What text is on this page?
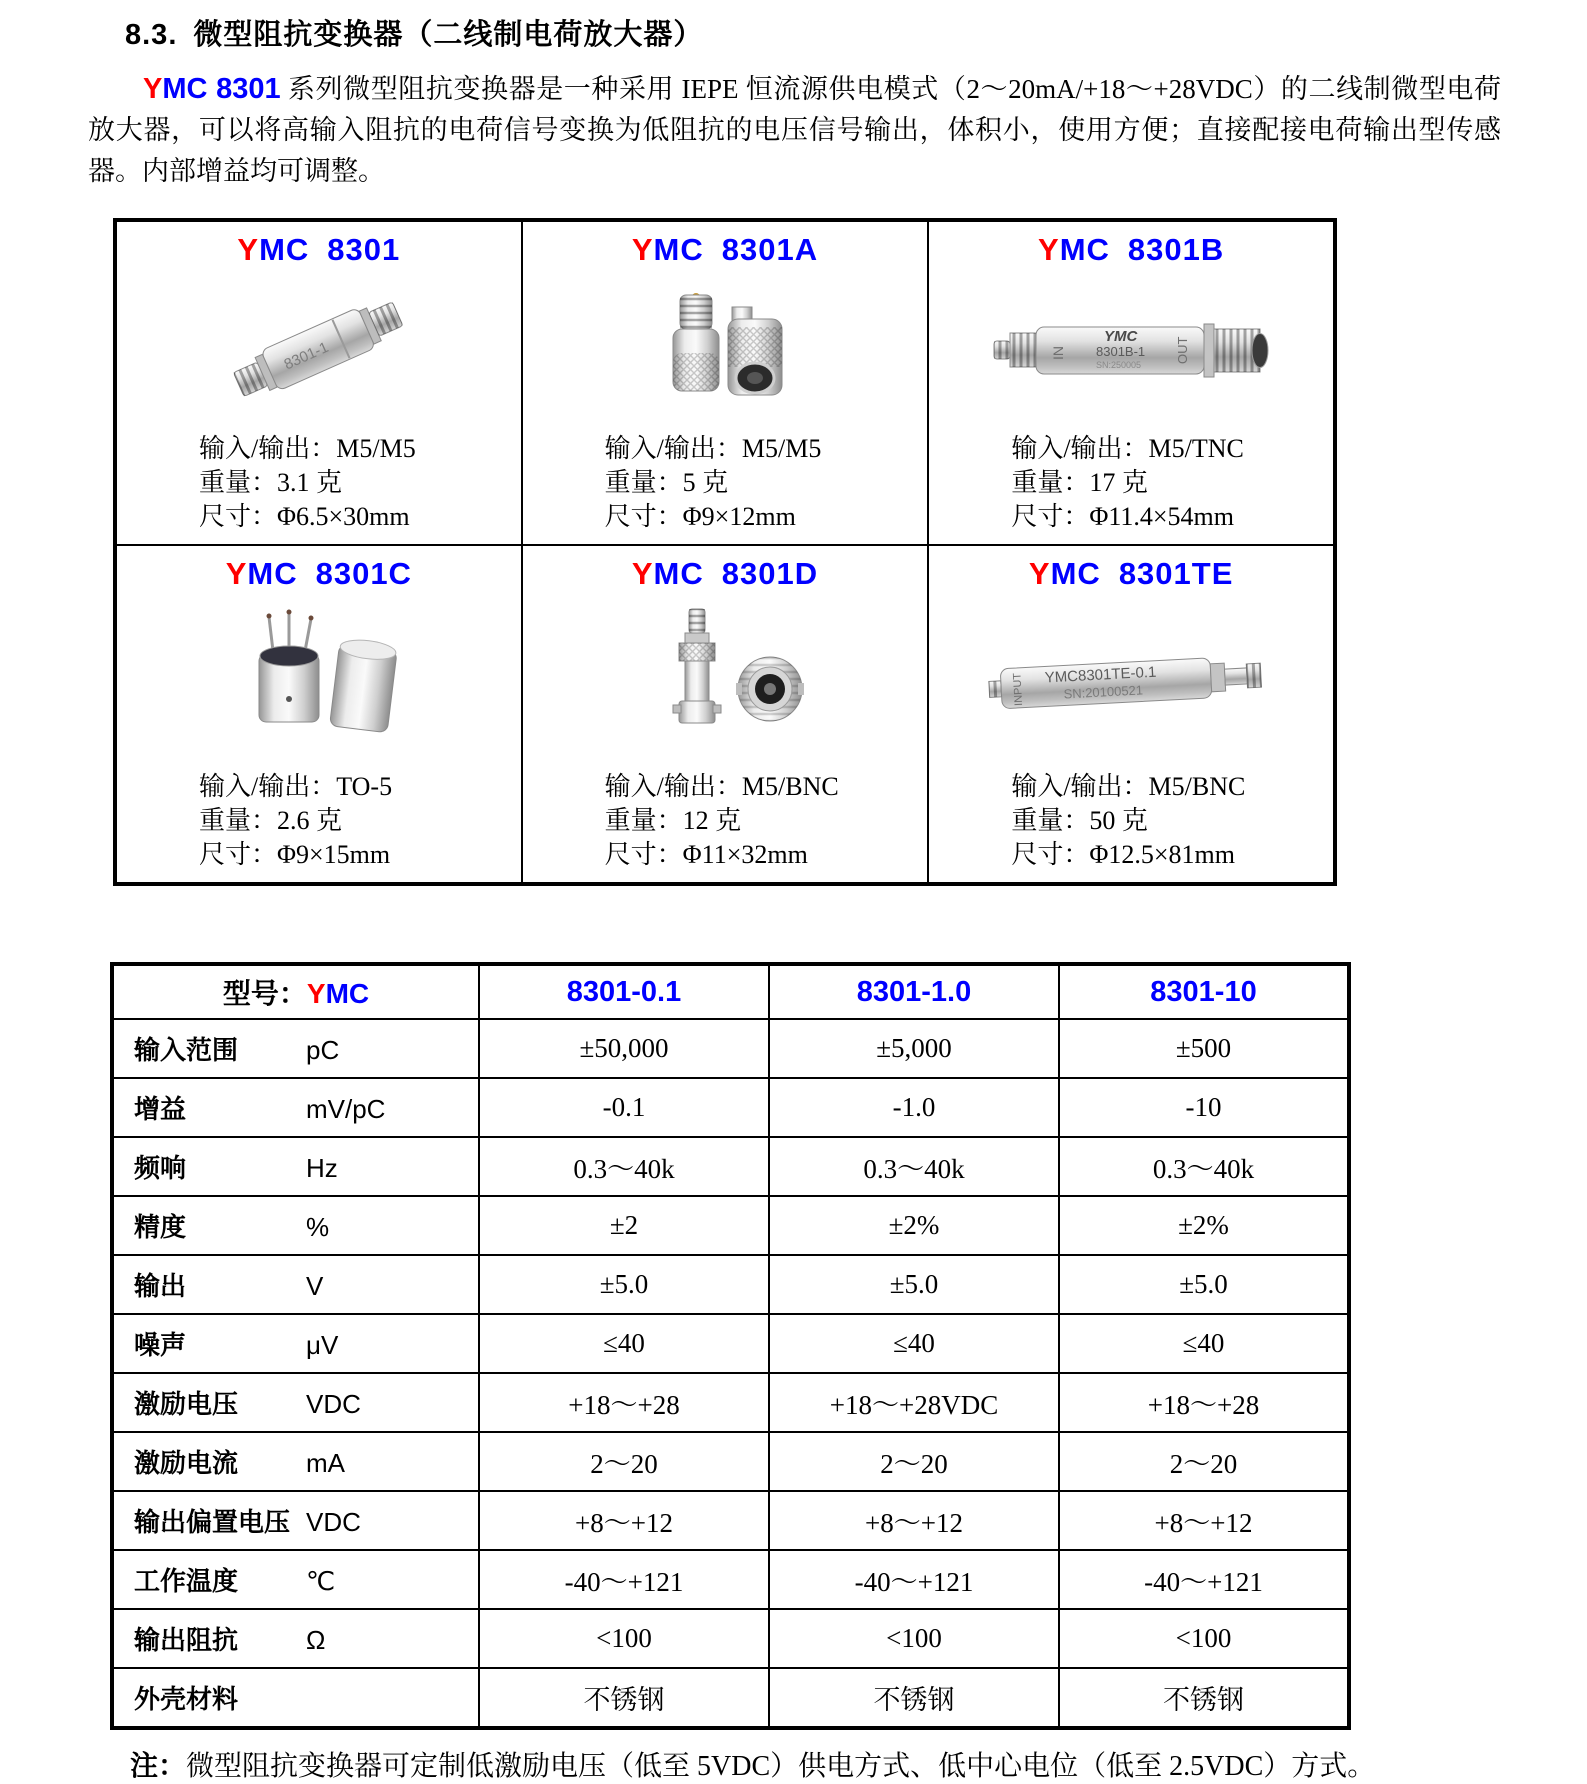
8.3. 微型阻抗变换器（二线制电荷放大器）

YMC 8301 系列微型阻抗变换器是一种采用 IEPE 恒流源供电模式（2～20mA/+18～+28VDC）的二线制微型电荷放大器，可以将高输入阻抗的电荷信号变换为低阻抗的电压信号输出，体积小，使用方便；直接配接电荷输出型传感器。内部增益均可调整。

YMC 8301
8301-1
输入/输出：M5/M5
重量：3.1 克
尺寸：Φ6.5×30mm

YMC 8301A
输入/输出：M5/M5
重量：5 克
尺寸：Φ9×12mm

YMC 8301B
IN
YMC
8301B-1
SN:250005
OUT
输入/输出：M5/TNC
重量：17 克
尺寸：Φ11.4×54mm

YMC 8301C
输入/输出：TO-5
重量：2.6 克
尺寸：Φ9×15mm

YMC 8301D
输入/输出：M5/BNC
重量：12 克
尺寸：Φ11×32mm

YMC 8301TE
INPUT YMC8301TE-0.1
SN:20100521
输入/输出：M5/BNC
重量：50 克
尺寸：Φ12.5×81mm
型号：YMC	8301-0.1	8301-1.0	8301-10
输入范围 pC	±50,000	±5,000	±500
增益 mV/pC	-0.1	-1.0	-10
频响 Hz	0.3～40k	0.3～40k	0.3～40k
精度 %	±2	±2%	±2%
输出 V	±5.0	±5.0	±5.0
噪声 μV	≤40	≤40	≤40
激励电压 VDC	+18～+28	+18～+28VDC	+18～+28
激励电流 mA	2～20	2～20	2～20
输出偏置电压 VDC	+8～+12	+8～+12	+8～+12
工作温度 ℃	-40～+121	-40～+121	-40～+121
输出阻抗 Ω	<100	<100	<100
外壳材料	不锈钢	不锈钢	不锈钢

注：微型阻抗变换器可定制低激励电压（低至 5VDC）供电方式、低中心电位（低至 2.5VDC）方式。
